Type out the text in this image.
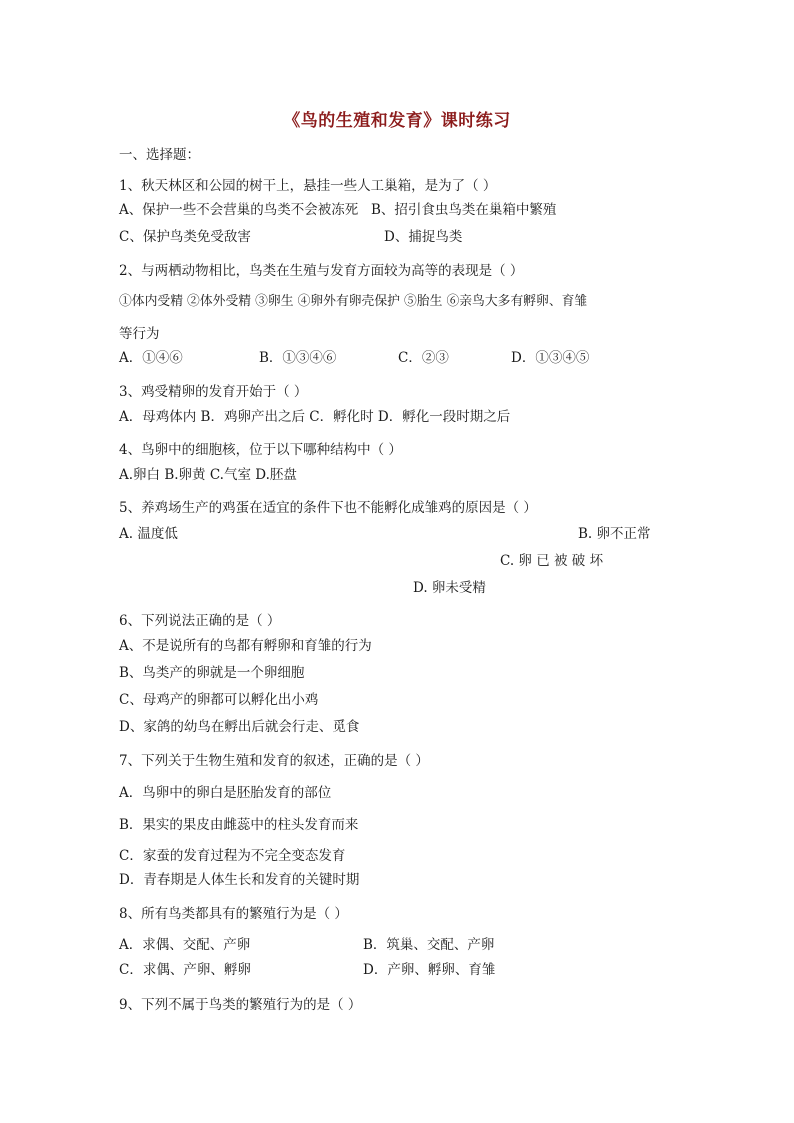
《鸟的生殖和发育》课时练习
一、选择题：
1、秋天林区和公园的树干上，悬挂一些人工巢箱，是为了（ ）
A、保护一些不会营巢的鸟类不会被冻死 B、招引食虫鸟类在巢箱中繁殖
C、保护鸟类免受敌害	D、捕捉鸟类
2、与两栖动物相比，鸟类在生殖与发育方面较为高等的表现是（ ）
①体内受精 ②体外受精 ③卵生 ④卵外有卵壳保护 ⑤胎生 ⑥亲鸟大多有孵卵、育雏
等行为
A．①④⑥	B．①③④⑥	C．②③	D．①③④⑤
3、鸡受精卵的发育开始于（ ）
A．母鸡体内 B．鸡卵产出之后 C．孵化时 D．孵化一段时期之后
4、鸟卵中的细胞核，位于以下哪种结构中（ ）
A.卵白 B.卵黄 C.气室 D.胚盘
5、养鸡场生产的鸡蛋在适宜的条件下也不能孵化成雏鸡的原因是（ ）
A. 温度低	B. 卵不正常
C. 卵 已 被 破 坏
D. 卵未受精
6、下列说法正确的是（ ）
A、不是说所有的鸟都有孵卵和育雏的行为
B、鸟类产的卵就是一个卵细胞
C、母鸡产的卵都可以孵化出小鸡
D、家鸽的幼鸟在孵出后就会行走、觅食
7、下列关于生物生殖和发育的叙述，正确的是（ ）
A．鸟卵中的卵白是胚胎发育的部位
B．果实的果皮由雌蕊中的柱头发育而来
C．家蚕的发育过程为不完全变态发育
D．青春期是人体生长和发育的关键时期
8、所有鸟类都具有的繁殖行为是（ ）
A．求偶、交配、产卵	B．筑巢、交配、产卵
C．求偶、产卵、孵卵	D．产卵、孵卵、育雏
9、下列不属于鸟类的繁殖行为的是（ ）
